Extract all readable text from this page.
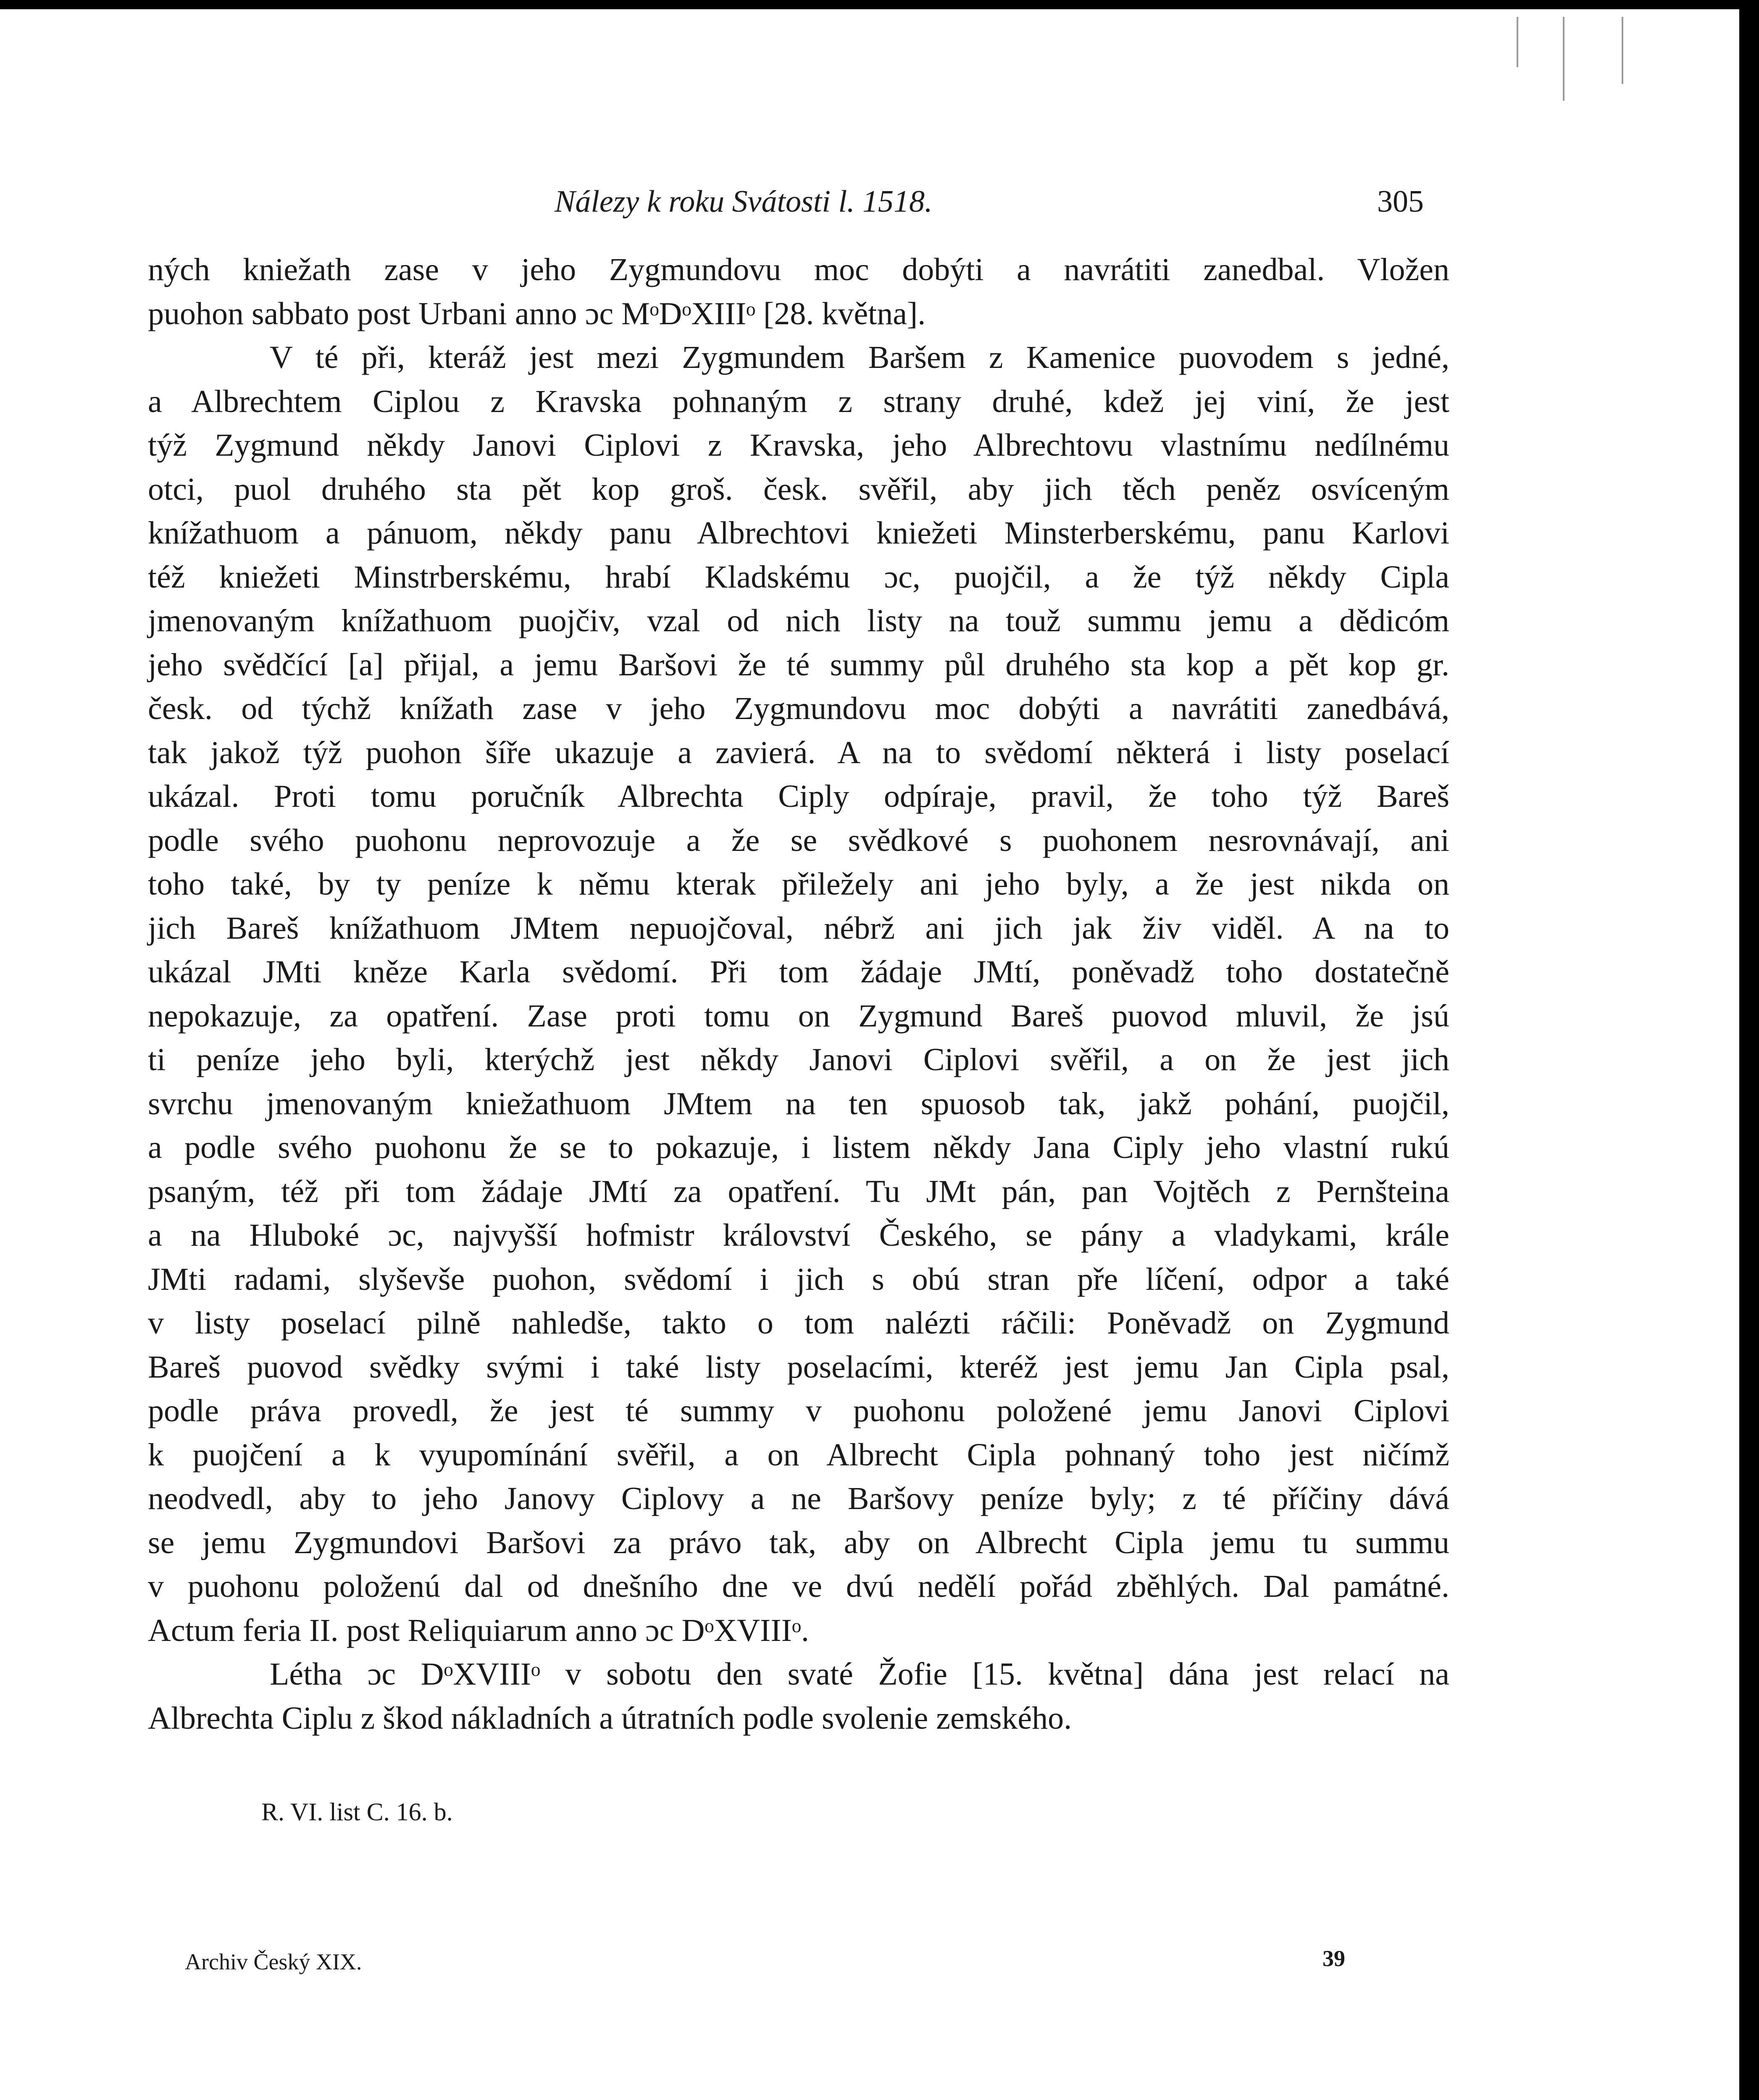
Nálezy k roku Svátosti l. 1518.	305
ných kniežath zase v jeho Zygmundovu moc dobýti a navrátiti zanedbal. Vložen
puohon sabbato post Urbani anno ɔc MᵒDᵒXIIIᵒ [28. května].
V té při, kteráž jest mezi Zygmundem Baršem z Kamenice puovodem s jedné,
a Albrechtem Ciplou z Kravska pohnaným z strany druhé, kdež jej viní, že jest
týž Zygmund někdy Janovi Ciplovi z Kravska, jeho Albrechtovu vlastnímu nedílnému
otci, puol druhého sta pět kop groš. česk. svěřil, aby jich těch peněz osvíceným
knížathuom a pánuom, někdy panu Albrechtovi kniežeti Minsterberskému, panu Karlovi
též kniežeti Minstrberskému, hrabí Kladskému ɔc, puojčil, a že týž někdy Cipla
jmenovaným knížathuom puojčiv, vzal od nich listy na touž summu jemu a dědicóm
jeho svědčící [a] přijal, a jemu Baršovi že té summy půl druhého sta kop a pět kop gr.
česk. od týchž knížath zase v jeho Zygmundovu moc dobýti a navrátiti zanedbává,
tak jakož týž puohon šíře ukazuje a zavierá. A na to svědomí některá i listy poselací
ukázal. Proti tomu poručník Albrechta Ciply odpíraje, pravil, že toho týž Bareš
podle svého puohonu neprovozuje a že se svědkové s puohonem nesrovnávají, ani
toho také, by ty peníze k němu kterak přiležely ani jeho byly, a že jest nikda on
jich Bareš knížathuom JMtem nepuojčoval, nébrž ani jich jak živ viděl. A na to
ukázal JMti kněze Karla svědomí. Při tom žádaje JMtí, poněvadž toho dostatečně
nepokazuje, za opatření. Zase proti tomu on Zygmund Bareš puovod mluvil, že jsú
ti peníze jeho byli, kterýchž jest někdy Janovi Ciplovi svěřil, a on že jest jich
svrchu jmenovaným kniežathuom JMtem na ten spuosob tak, jakž pohání, puojčil,
a podle svého puohonu že se to pokazuje, i listem někdy Jana Ciply jeho vlastní rukú
psaným, též při tom žádaje JMtí za opatření. Tu JMt pán, pan Vojtěch z Pernšteina
a na Hluboké ɔc, najvyšší hofmistr království Českého, se pány a vladykami, krále
JMti radami, slyševše puohon, svědomí i jich s obú stran pře líčení, odpor a také
v listy poselací pilně nahledše, takto o tom nalézti ráčili: Poněvadž on Zygmund
Bareš puovod svědky svými i také listy poselacími, kteréž jest jemu Jan Cipla psal,
podle práva provedl, že jest té summy v puohonu položené jemu Janovi Ciplovi
k puojčení a k vyupomínání svěřil, a on Albrecht Cipla pohnaný toho jest ničímž
neodvedl, aby to jeho Janovy Ciplovy a ne Baršovy peníze byly; z té příčiny dává
se jemu Zygmundovi Baršovi za právo tak, aby on Albrecht Cipla jemu tu summu
v puohonu položenú dal od dnešního dne ve dvú nedělí pořád zběhlých. Dal památné.
Actum feria II. post Reliquiarum anno ɔc DᵒXVIIIᵒ.
Létha ɔc DᵒXVIIIᵒ v sobotu den svaté Žofie [15. května] dána jest relací na
Albrechta Ciplu z škod nákladních a útratních podle svolenie zemského.
R. VI. list C. 16. b.
Archiv Český XIX.	39
